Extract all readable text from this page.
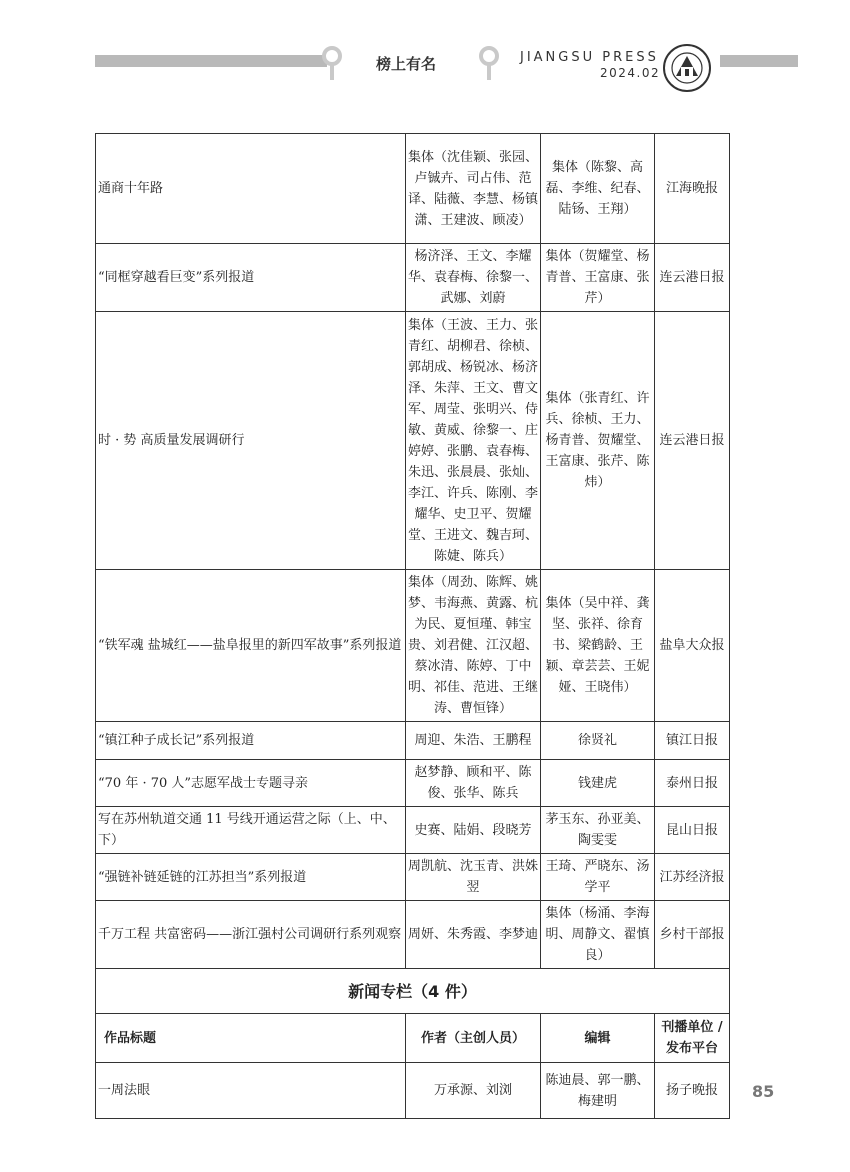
榜上有名	JIANGSU PRESS
2024.02
通商十年路	集体（沈佳颖、张园、卢铖卉、司占伟、范译、陆薇、李慧、杨镇潇、王建波、顾凌）	集体（陈黎、高磊、李维、纪春、陆钖、王翔）	江海晚报
“同框穿越看巨变”系列报道	杨济泽、王文、李耀华、袁春梅、徐黎一、武娜、刘蔚	集体（贺耀堂、杨青普、王富康、张芹）	连云港日报
时 · 势 高质量发展调研行	集体（王波、王力、张青红、胡柳君、徐桢、郭胡成、杨锐冰、杨济泽、朱萍、王文、曹文军、周莹、张明兴、侍敏、黄威、徐黎一、庄婷婷、张鹏、袁春梅、朱迅、张晨晨、张灿、李江、许兵、陈刚、李耀华、史卫平、贺耀堂、王进文、魏吉珂、陈婕、陈兵）	集体（张青红、许兵、徐桢、王力、杨青普、贺耀堂、王富康、张芹、陈炜）	连云港日报
“铁军魂 盐城红——盐阜报里的新四军故事”系列报道	集体（周劲、陈辉、姚梦、韦海燕、黄露、杭为民、夏恒瑾、韩宝贵、刘君健、江汉超、蔡冰清、陈婷、丁中明、祁佳、范进、王继涛、曹恒锋）	集体（吴中祥、龚坚、张祥、徐育书、梁鹤龄、王颖、章芸芸、王妮娅、王晓伟）	盐阜大众报
“镇江种子成长记”系列报道	周迎、朱浩、王鹏程	徐贤礼	镇江日报
“70 年 · 70 人”志愿军战士专题寻亲	赵梦静、顾和平、陈俊、张华、陈兵	钱建虎	泰州日报
写在苏州轨道交通 11 号线开通运营之际（上、中、下）	史赛、陆娟、段晓芳	茅玉东、孙亚美、陶雯雯	昆山日报
“强链补链延链的江苏担当”系列报道	周凯航、沈玉青、洪姝翌	王琦、严晓东、汤学平	江苏经济报
千万工程 共富密码——浙江强村公司调研行系列观察	周妍、朱秀霞、李梦迪	集体（杨涌、李海明、周静文、翟慎良）	乡村干部报
新闻专栏（4 件）			
作品标题	作者（主创人员）	编辑	刊播单位 / 发布平台
一周法眼	万承源、刘浏	陈迪晨、郭一鹏、梅建明	扬子晚报 85
